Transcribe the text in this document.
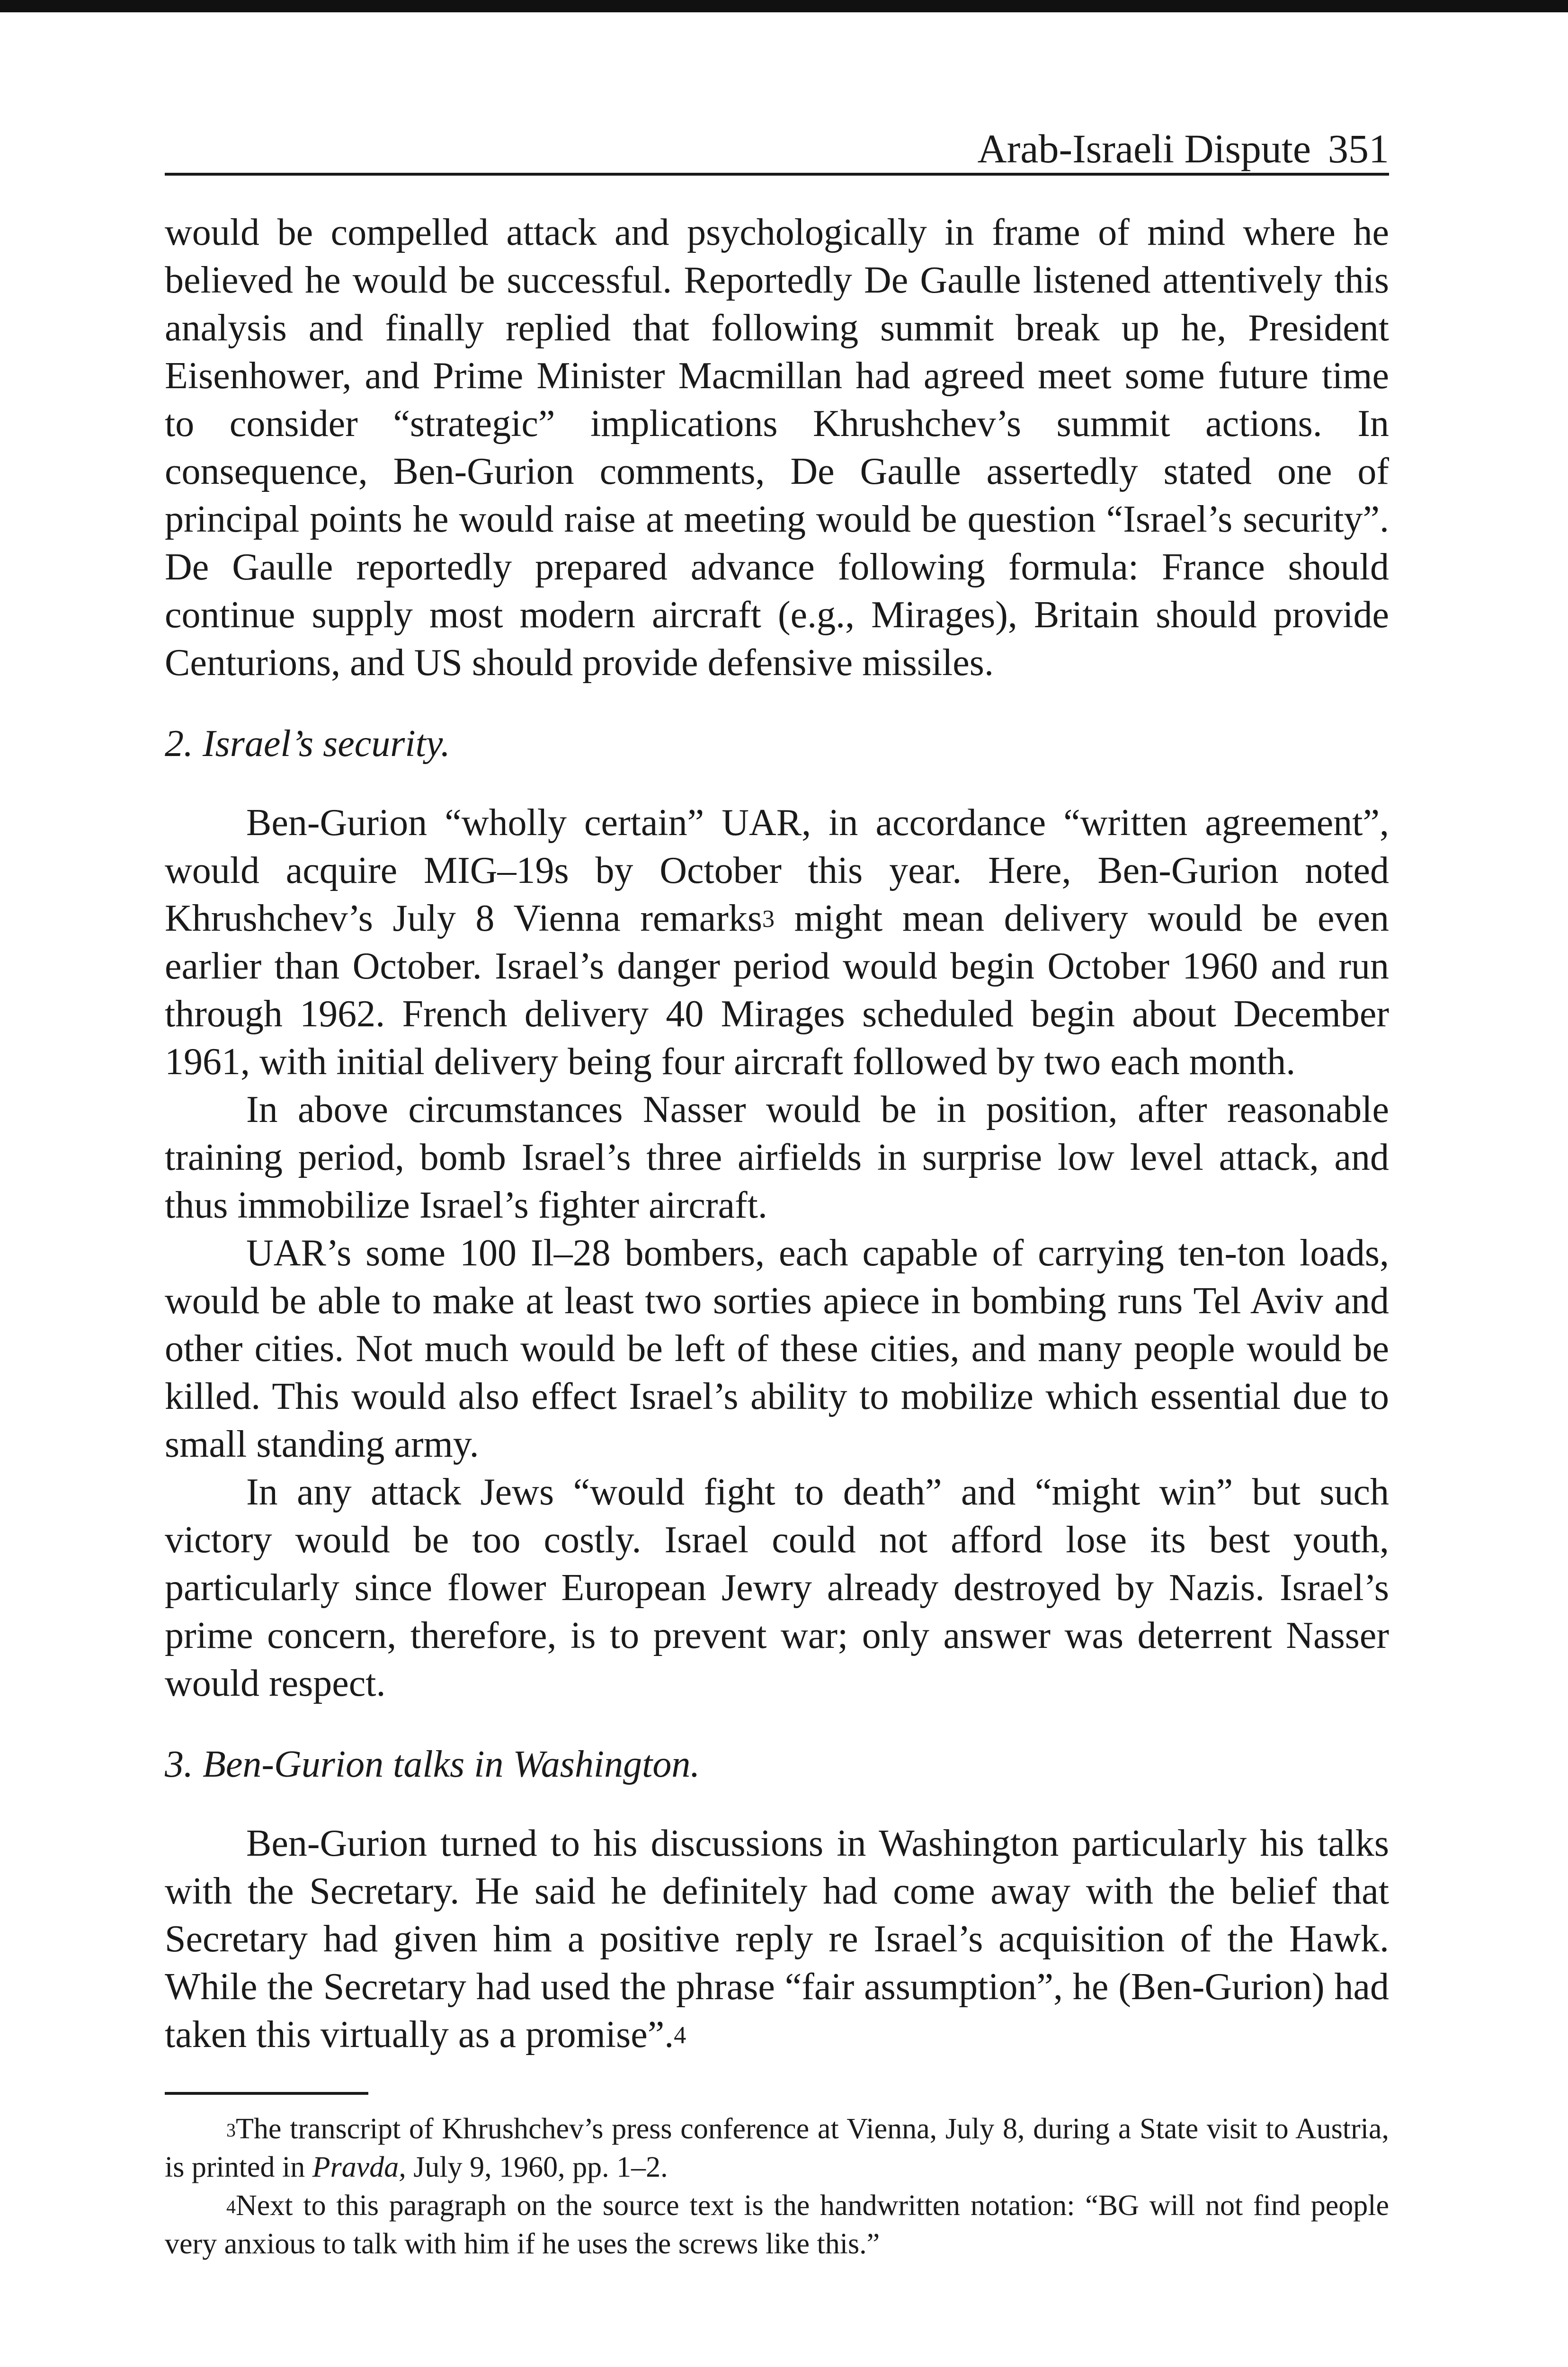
Arab-Israeli Dispute 351

would be compelled attack and psychologically in frame of mind where he believed he would be successful. Reportedly De Gaulle listened attentively this analysis and finally replied that following summit break up he, President Eisenhower, and Prime Minister Macmillan had agreed meet some future time to consider “strategic” implications Khrushchev’s summit actions. In consequence, Ben-Gurion comments, De Gaulle assertedly stated one of principal points he would raise at meeting would be question “Israel’s security”. De Gaulle reportedly prepared advance following formula: France should continue supply most modern aircraft (e.g., Mirages), Britain should provide Centurions, and US should provide defensive missiles.

2. Israel’s security.

Ben-Gurion “wholly certain” UAR, in accordance “written agreement”, would acquire MIG–19s by October this year. Here, Ben-Gurion noted Khrushchev’s July 8 Vienna remarks$^3$ might mean delivery would be even earlier than October. Israel’s danger period would begin October 1960 and run through 1962. French delivery 40 Mirages scheduled begin about December 1961, with initial delivery being four aircraft followed by two each month.

In above circumstances Nasser would be in position, after reasonable training period, bomb Israel’s three airfields in surprise low level attack, and thus immobilize Israel’s fighter aircraft.

UAR’s some 100 Il–28 bombers, each capable of carrying ten-ton loads, would be able to make at least two sorties apiece in bombing runs Tel Aviv and other cities. Not much would be left of these cities, and many people would be killed. This would also effect Israel’s ability to mobilize which essential due to small standing army.

In any attack Jews “would fight to death” and “might win” but such victory would be too costly. Israel could not afford lose its best youth, particularly since flower European Jewry already destroyed by Nazis. Israel’s prime concern, therefore, is to prevent war; only answer was deterrent Nasser would respect.

3. Ben-Gurion talks in Washington.

Ben-Gurion turned to his discussions in Washington particularly his talks with the Secretary. He said he definitely had come away with the belief that Secretary had given him a positive reply re Israel’s acquisition of the Hawk. While the Secretary had used the phrase “fair assumption”, he (Ben-Gurion) had taken this virtually as a promise”.$^4$

$^3$The transcript of Khrushchev’s press conference at Vienna, July 8, during a State visit to Austria, is printed in Pravda, July 9, 1960, pp. 1–2.

$^4$Next to this paragraph on the source text is the handwritten notation: “BG will not find people very anxious to talk with him if he uses the screws like this.”
